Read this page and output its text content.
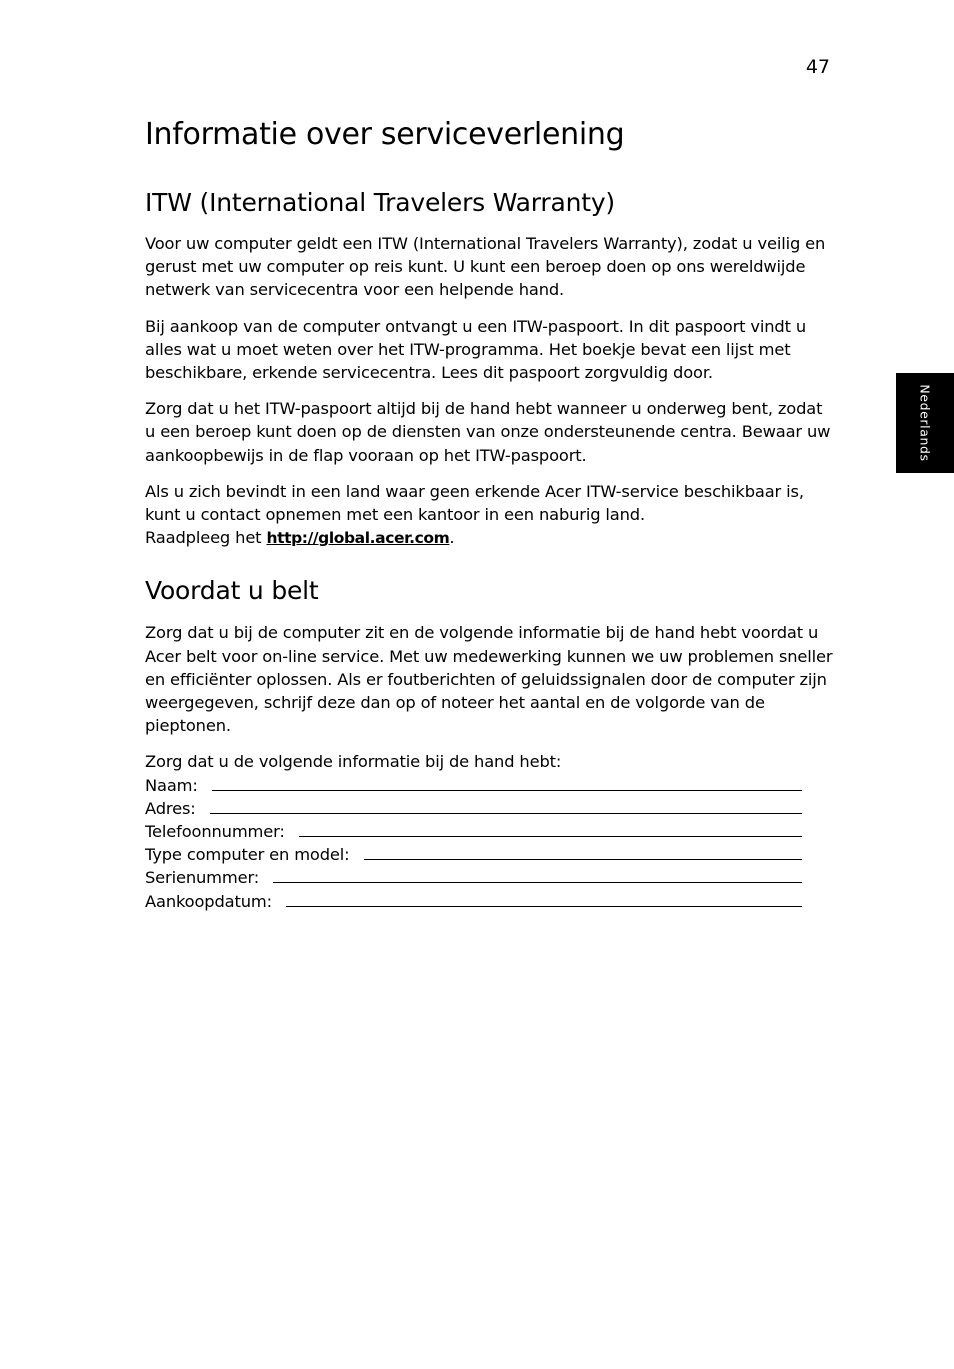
47
Nederlands
Informatie over serviceverlening
ITW (International Travelers Warranty)

Voor uw computer geldt een ITW (International Travelers Warranty), zodat u veilig en gerust met uw computer op reis kunt. U kunt een beroep doen op ons wereldwijde netwerk van servicecentra voor een helpende hand.

Bij aankoop van de computer ontvangt u een ITW-paspoort. In dit paspoort vindt u alles wat u moet weten over het ITW-programma. Het boekje bevat een lijst met beschikbare, erkende servicecentra. Lees dit paspoort zorgvuldig door.

Zorg dat u het ITW-paspoort altijd bij de hand hebt wanneer u onderweg bent, zodat u een beroep kunt doen op de diensten van onze ondersteunende centra. Bewaar uw aankoopbewijs in de flap vooraan op het ITW-paspoort.

Als u zich bevindt in een land waar geen erkende Acer ITW-service beschikbaar is, kunt u contact opnemen met een kantoor in een naburig land.
Raadpleeg het http://global.acer.com.

Voordat u belt

Zorg dat u bij de computer zit en de volgende informatie bij de hand hebt voordat u Acer belt voor on-line service. Met uw medewerking kunnen we uw problemen sneller en efficiënter oplossen. Als er foutberichten of geluidssignalen door de computer zijn weergegeven, schrijf deze dan op of noteer het aantal en de volgorde van de pieptonen.

Zorg dat u de volgende informatie bij de hand hebt:
Naam:
Adres:
Telefoonnummer:
Type computer en model:
Serienummer:
Aankoopdatum:
